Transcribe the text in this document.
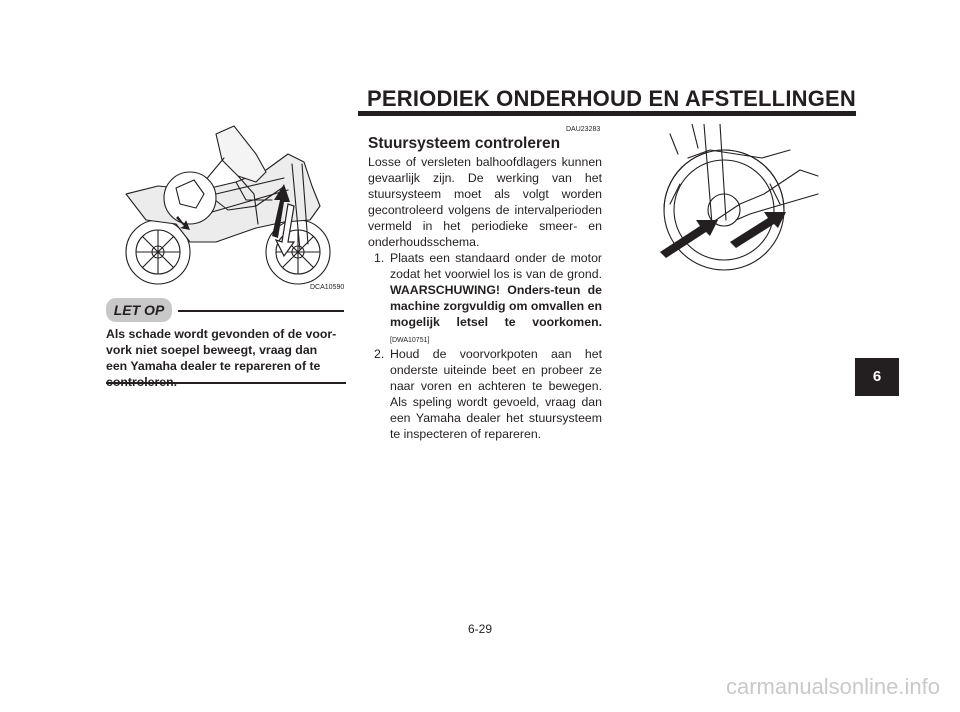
PERIODIEK ONDERHOUD EN AFSTELLINGEN
DCA10590
LET OP
Als schade wordt gevonden of de voor-
vork niet soepel beweegt, vraag dan
een Yamaha dealer te repareren of te
DAU23283
Stuursysteem controleren
Losse of versleten balhoofdlagers kunnen gevaarlijk zijn. De werking van het stuursysteem moet als volgt worden gecontroleerd volgens de intervalperioden vermeld in het periodieke smeer- en onderhoudsschema.
1. Plaats een standaard onder de motor zodat het voorwiel los is van de grond. WAARSCHUWING! Onders-teun de machine zorgvuldig om omvallen en mogelijk letsel te voorkomen. [DWA10751]
2. Houd de voorvorkpoten aan het onderste uiteinde beet en probeer ze naar voren en achteren te bewegen. Als speling wordt gevoeld, vraag dan een Yamaha dealer het stuursysteem te inspecteren of repareren.
6
6-29
carmanualsonline.info
